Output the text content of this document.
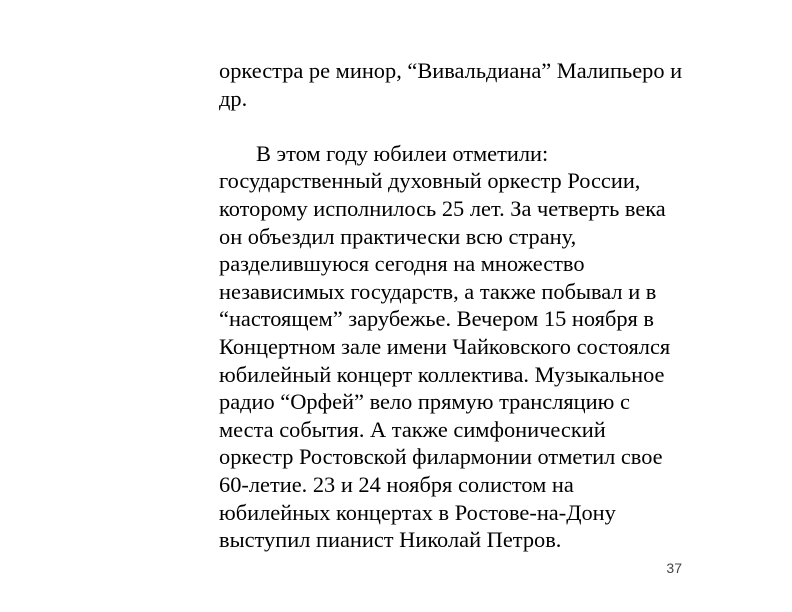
оркестра ре минор, “Вивальдиана” Малипьеро и
др.
В этом году юбилеи отметили:
государственный духовный оркестр России,
которому исполнилось 25 лет. За четверть века
он объездил практически всю страну,
разделившуюся сегодня на множество
независимых государств, а также побывал и в
“настоящем” зарубежье. Вечером 15 ноября в
Концертном зале имени Чайковского состоялся
юбилейный концерт коллектива. Музыкальное
радио “Орфей” вело прямую трансляцию с
места события. А также симфонический
оркестр Ростовской филармонии отметил свое
60-летие. 23 и 24 ноября солистом на
юбилейных концертах в Ростове-на-Дону
выступил пианист Николай Петров.
37
